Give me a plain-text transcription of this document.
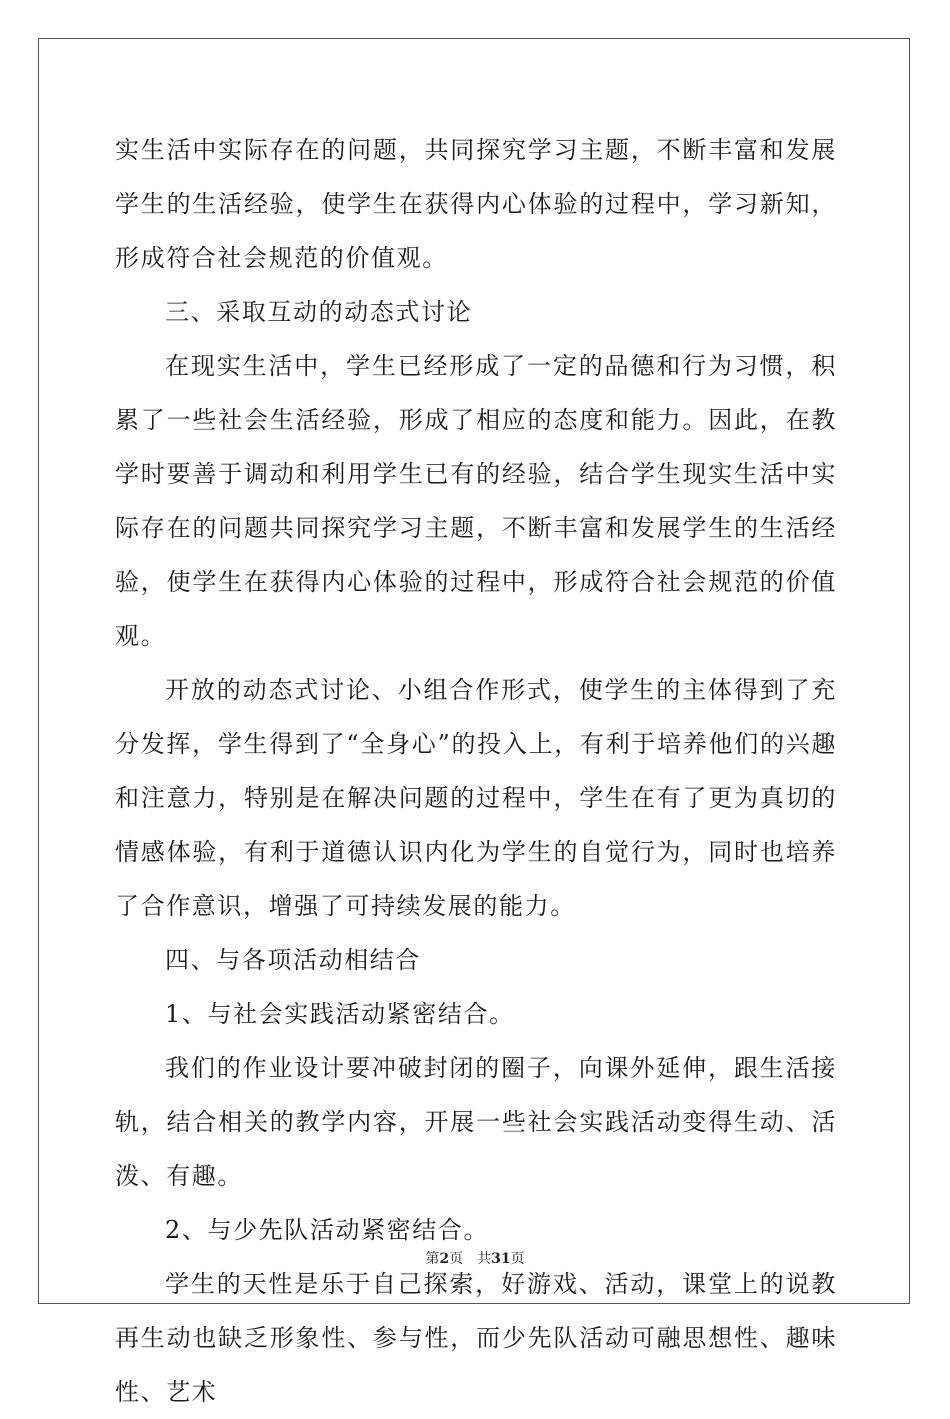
实生活中实际存在的问题，共同探究学习主题，不断丰富和发展学生的生活经验，使学生在获得内心体验的过程中，学习新知，形成符合社会规范的价值观。

三、采取互动的动态式讨论

在现实生活中，学生已经形成了一定的品德和行为习惯，积累了一些社会生活经验，形成了相应的态度和能力。因此，在教学时要善于调动和利用学生已有的经验，结合学生现实生活中实际存在的问题共同探究学习主题，不断丰富和发展学生的生活经验，使学生在获得内心体验的过程中，形成符合社会规范的价值观。

开放的动态式讨论、小组合作形式，使学生的主体得到了充分发挥，学生得到了“全身心”的投入上，有利于培养他们的兴趣和注意力，特别是在解决问题的过程中，学生在有了更为真切的情感体验，有利于道德认识内化为学生的自觉行为，同时也培养了合作意识，增强了可持续发展的能力。

四、与各项活动相结合

1、与社会实践活动紧密结合。

我们的作业设计要冲破封闭的圈子，向课外延伸，跟生活接轨，结合相关的教学内容，开展一些社会实践活动变得生动、活泼、有趣。

2、与少先队活动紧密结合。

学生的天性是乐于自己探索，好游戏、活动，课堂上的说教再生动也缺乏形象性、参与性，而少先队活动可融思想性、趣味性、艺术

第2页 共31页
